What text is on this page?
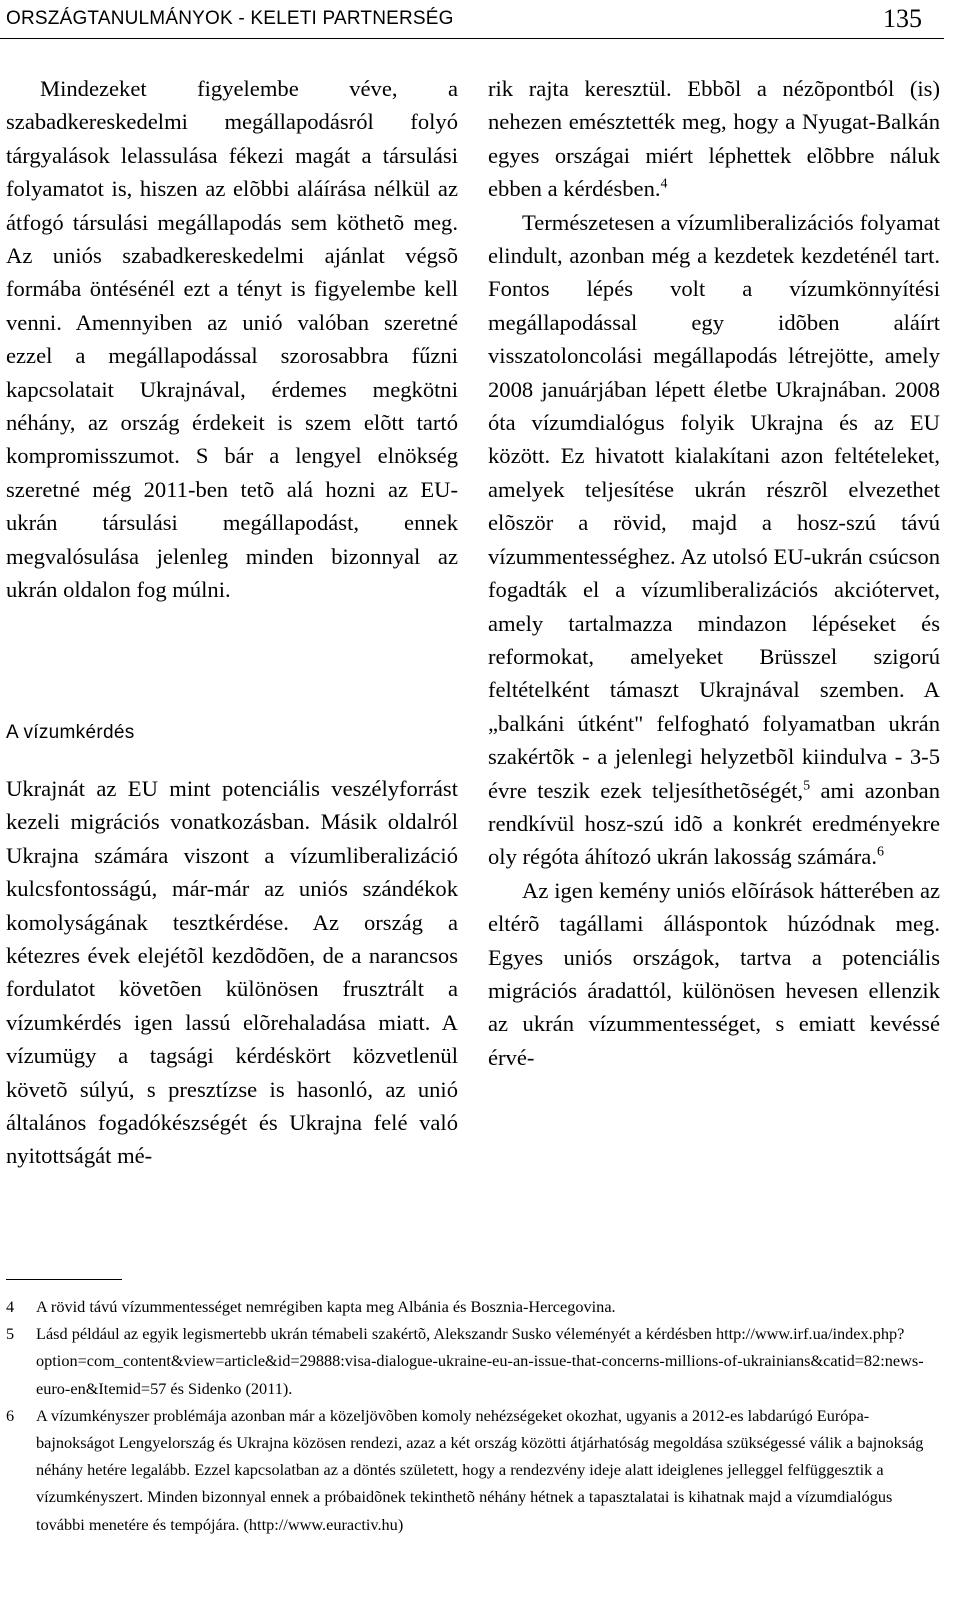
ORSZÁGTANULMÁNYOK - KELETI PARTNERSÉG	135

Mindezeket figyelembe véve, a szabadkereskedelmi megállapodásról folyó tárgyalások lelassulása fékezi magát a társulási folyamatot is, hiszen az elõbbi aláírása nélkül az átfogó társulási megállapodás sem köthetõ meg. Az uniós szabadkereskedelmi ajánlat végsõ formába öntésénél ezt a tényt is figyelembe kell venni. Amennyiben az unió valóban szeretné ezzel a megállapodással szorosabbra fűzni kapcsolatait Ukrajnával, érdemes megkötni néhány, az ország érdekeit is szem elõtt tartó kompromisszumot. S bár a lengyel elnökség szeretné még 2011-ben tetõ alá hozni az EU-ukrán társulási megállapodást, ennek megvalósulása jelenleg minden bizonnyal az ukrán oldalon fog múlni.

A vízumkérdés

Ukrajnát az EU mint potenciális veszélyforrást kezeli migrációs vonatkozásban. Másik oldalról Ukrajna számára viszont a vízumliberalizáció kulcsfontosságú, már-már az uniós szándékok komolyságának tesztkérdése. Az ország a kétezres évek elejétõl kezdõdõen, de a narancsos fordulatot követõen különösen frusztrált a vízumkérdés igen lassú elõrehaladása miatt. A vízumügy a tagsági kérdéskört közvetlenül követõ súlyú, s presztízse is hasonló, az unió általános fogadókészségét és Ukrajna felé való nyitottságát mé-

rik rajta keresztül. Ebbõl a nézõpontból (is) nehezen emésztették meg, hogy a Nyugat-Balkán egyes országai miért léphettek elõbbre náluk ebben a kérdésben.$^4$

Természetesen a vízumliberalizációs folyamat elindult, azonban még a kezdetek kezdeténél tart. Fontos lépés volt a vízumkönnyítési megállapodással egy idõben aláírt visszatoloncolási megállapodás létrejötte, amely 2008 januárjában lépett életbe Ukrajnában. 2008 óta vízumdialógus folyik Ukrajna és az EU között. Ez hivatott kialakítani azon feltételeket, amelyek teljesítése ukrán részrõl elvezethet elõször a rövid, majd a hosz-szú távú vízummentességhez. Az utolsó EU-ukrán csúcson fogadták el a vízumliberalizációs akciótervet, amely tartalmazza mindazon lépéseket és reformokat, amelyeket Brüsszel szigorú feltételként támaszt Ukrajnával szemben. A „balkáni útként" felfogható folyamatban ukrán szakértõk - a jelenlegi helyzetbõl kiindulva - 3-5 évre teszik ezek teljesíthetõségét,$^5$ ami azonban rendkívül hosz-szú idõ a konkrét eredményekre oly régóta áhítozó ukrán lakosság számára.$^6$

Az igen kemény uniós elõírások hátterében az eltérõ tagállami álláspontok húzódnak meg. Egyes uniós országok, tartva a potenciális migrációs áradattól, különösen hevesen ellenzik az ukrán vízummentességet, s emiatt kevéssé érvé-

4 A rövid távú vízummentességet nemrégiben kapta meg Albánia és Bosznia-Hercegovina.
5 Lásd például az egyik legismertebb ukrán témabeli szakértõ, Alekszandr Susko véleményét a kérdésben http://www.irf.ua/index.php?option=com_content&view=article&id=29888:visa-dialogue-ukraine-eu-an-issue-that-concerns-millions-of-ukrainians&catid=82:news-euro-en&Itemid=57 és Sidenko (2011).
6 A vízumkényszer problémája azonban már a közeljövõben komoly nehézségeket okozhat, ugyanis a 2012-es labdarúgó Európa-bajnokságot Lengyelország és Ukrajna közösen rendezi, azaz a két ország közötti átjárhatóság megoldása szükségessé válik a bajnokság néhány hetére legalább. Ezzel kapcsolatban az a döntés született, hogy a rendezvény ideje alatt ideiglenes jelleggel felfüggesztik a vízumkényszert. Minden bizonnyal ennek a próbaidõnek tekinthetõ néhány hétnek a tapasztalatai is kihatnak majd a vízumdialógus további menetére és tempójára. (http://www.euractiv.hu)
